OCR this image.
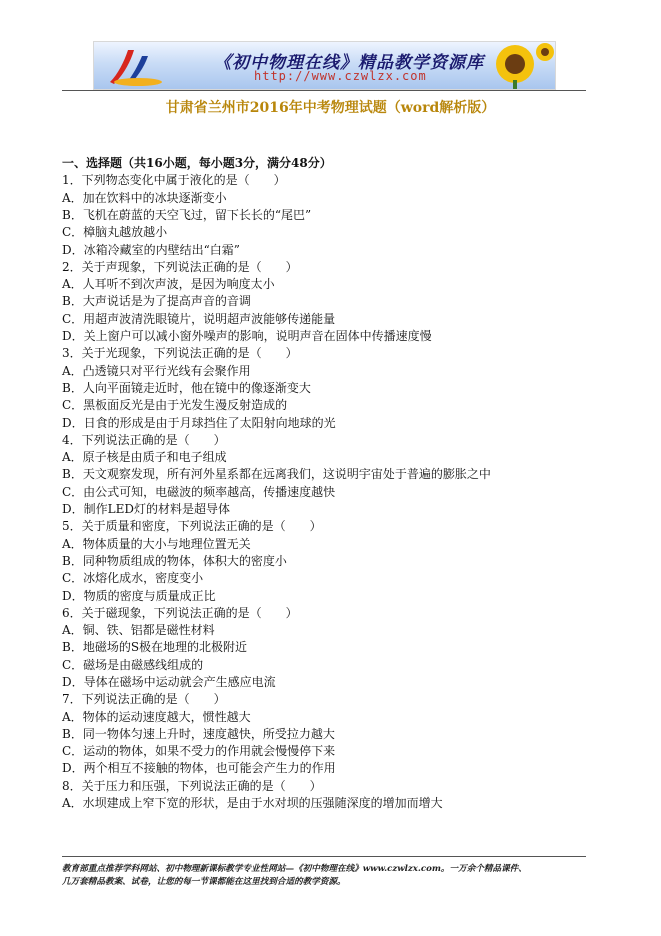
《初中物理在线》精品教学资源库
http://www.czwlzx.com
甘肃省兰州市2016年中考物理试题（word解析版）
一、选择题（共16小题，每小题3分，满分48分）
1．下列物态变化中属于液化的是（　　）
A．加在饮料中的冰块逐渐变小
B．飞机在蔚蓝的天空飞过，留下长长的“尾巴”
C．樟脑丸越放越小
D．冰箱冷藏室的内壁结出“白霜”
2．关于声现象，下列说法正确的是（　　）
A．人耳听不到次声波，是因为响度太小
B．大声说话是为了提高声音的音调
C．用超声波清洗眼镜片，说明超声波能够传递能量
D．关上窗户可以减小窗外噪声的影响，说明声音在固体中传播速度慢
3．关于光现象，下列说法正确的是（　　）
A．凸透镜只对平行光线有会聚作用
B．人向平面镜走近时，他在镜中的像逐渐变大
C．黑板面反光是由于光发生漫反射造成的
D．日食的形成是由于月球挡住了太阳射向地球的光
4．下列说法正确的是（　　）
A．原子核是由质子和电子组成
B．天文观察发现，所有河外星系都在远离我们，这说明宇宙处于普遍的膨胀之中
C．由公式可知，电磁波的频率越高，传播速度越快
D．制作LED灯的材料是超导体
5．关于质量和密度，下列说法正确的是（　　）
A．物体质量的大小与地理位置无关
B．同种物质组成的物体，体积大的密度小
C．冰熔化成水，密度变小
D．物质的密度与质量成正比
6．关于磁现象，下列说法正确的是（　　）
A．铜、铁、铝都是磁性材料
B．地磁场的S极在地理的北极附近
C．磁场是由磁感线组成的
D．导体在磁场中运动就会产生感应电流
7．下列说法正确的是（　　）
A．物体的运动速度越大，惯性越大
B．同一物体匀速上升时，速度越快，所受拉力越大
C．运动的物体，如果不受力的作用就会慢慢停下来
D．两个相互不接触的物体，也可能会产生力的作用
8．关于压力和压强，下列说法正确的是（　　）
A．水坝建成上窄下宽的形状，是由于水对坝的压强随深度的增加而增大
教育部重点推荐学科网站、初中物理新课标教学专业性网站—《初中物理在线》www.czwlzx.com。一万余个精品课件、
几万套精品教案、试卷，让您的每一节课都能在这里找到合适的教学资源。
